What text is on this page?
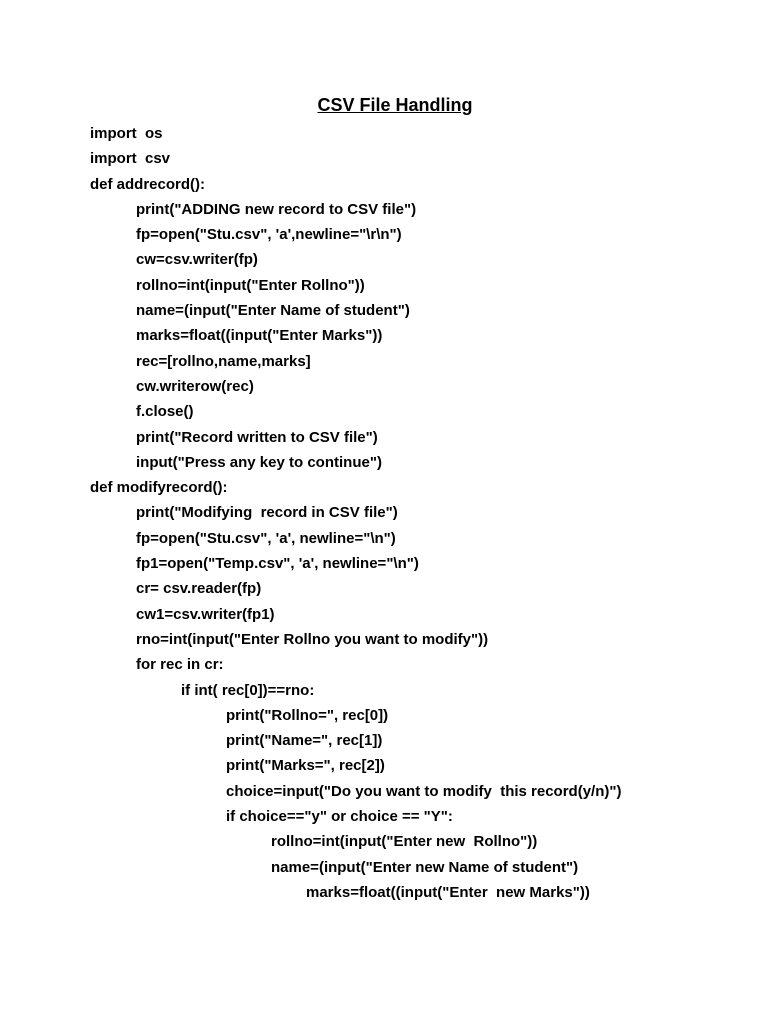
CSV File Handling
import  os
import  csv
def addrecord():
print("ADDING new record to CSV file")
fp=open("Stu.csv", 'a',newline="\r\n")
cw=csv.writer(fp)
rollno=int(input("Enter Rollno"))
name=(input("Enter Name of student")
marks=float((input("Enter Marks"))
rec=[rollno,name,marks]
cw.writerow(rec)
f.close()
print("Record written to CSV file")
input("Press any key to continue")
def modifyrecord():
print("Modifying  record in CSV file")
fp=open("Stu.csv", 'a', newline="\n")
fp1=open("Temp.csv", 'a', newline="\n")
cr= csv.reader(fp)
cw1=csv.writer(fp1)
rno=int(input("Enter Rollno you want to modify"))
for rec in cr:
if int( rec[0])==rno:
print("Rollno=", rec[0])
print("Name=", rec[1])
print("Marks=", rec[2])
choice=input("Do you want to modify  this record(y/n)")
if choice=="y" or choice == "Y":
rollno=int(input("Enter new  Rollno"))
name=(input("Enter new Name of student")
marks=float((input("Enter  new Marks"))
